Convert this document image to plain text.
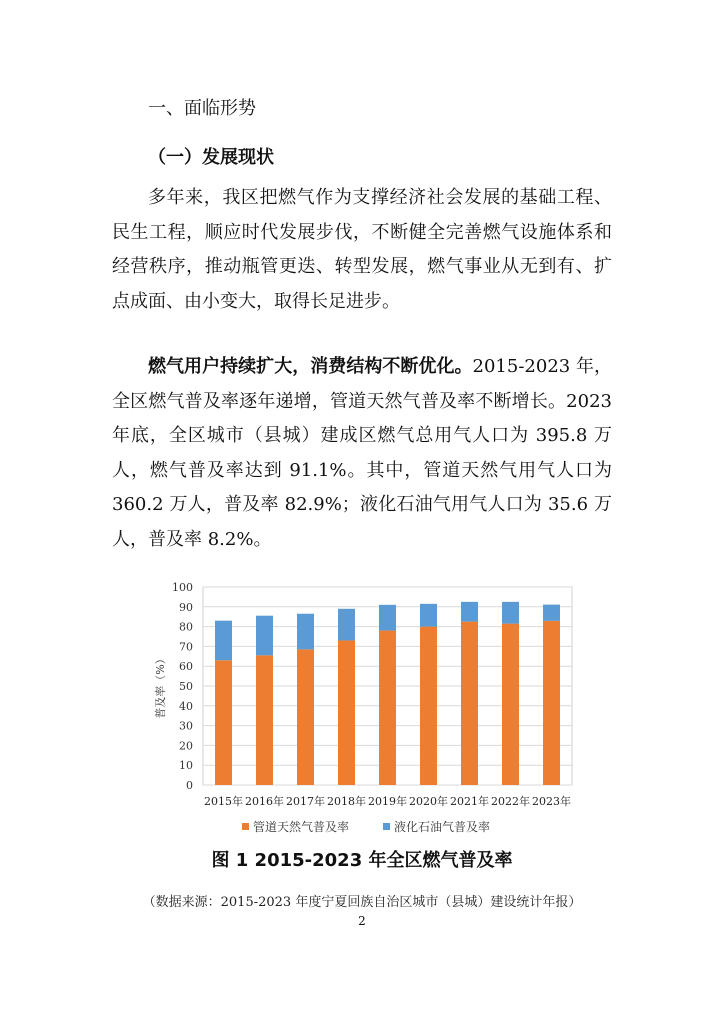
一、面临形势
（一）发展现状

多年来，我区把燃气作为支撑经济社会发展的基础工程、民生工程，顺应时代发展步伐，不断健全完善燃气设施体系和经营秩序，推动瓶管更迭、转型发展，燃气事业从无到有、扩点成面、由小变大，取得长足进步。

燃气用户持续扩大，消费结构不断优化。2015-2023 年，全区燃气普及率逐年递增，管道天然气普及率不断增长。2023 年底，全区城市（县城）建成区燃气总用气人口为 395.8 万人，燃气普及率达到 91.1%。其中，管道天然气用气人口为 360.2 万人，普及率 82.9%；液化石油气用气人口为 35.6 万人，普及率 8.2%。

0
10
20
30
40
50
60
70
80
90
100
普及率（%）
2015年 2016年 2017年 2018年 2019年 2020年 2021年 2022年 2023年
管道天然气普及率	液化石油气普及率
图 1 2015-2023 年全区燃气普及率
（数据来源：2015-2023 年度宁夏回族自治区城市（县城）建设统计年报）
2
